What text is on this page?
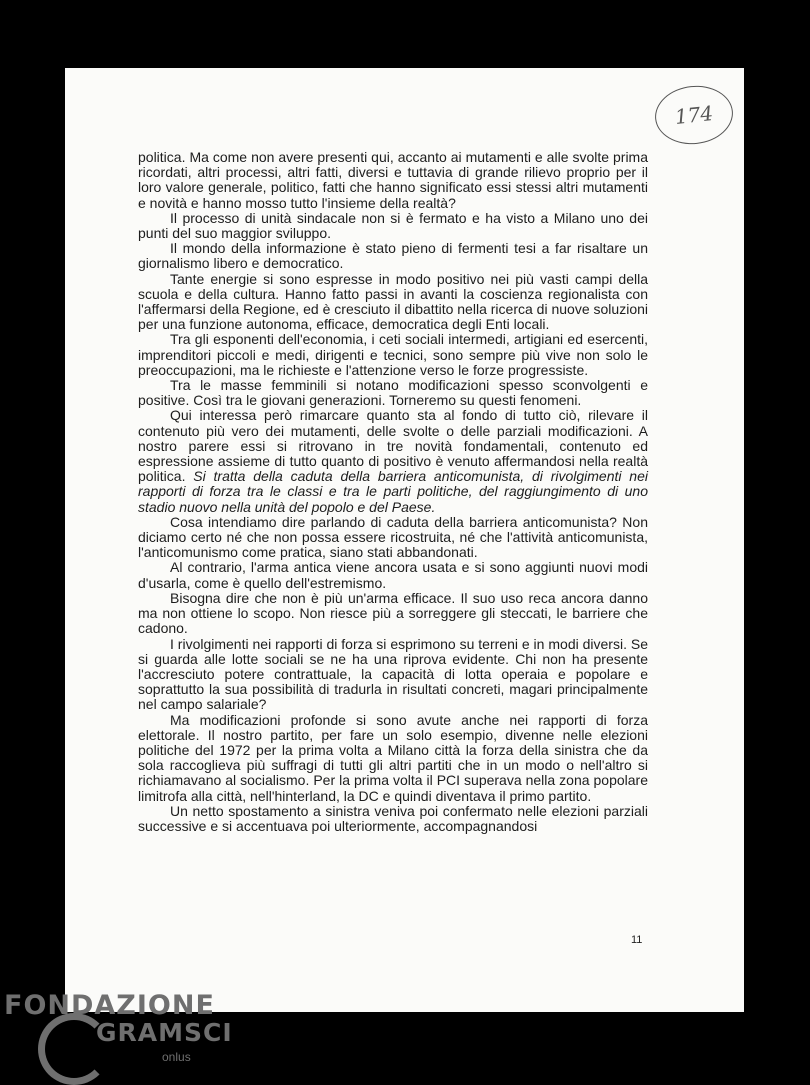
174

politica. Ma come non avere presenti qui, accanto ai mutamenti e alle svolte prima ricordati, altri processi, altri fatti, diversi e tuttavia di grande rilievo proprio per il loro valore generale, politico, fatti che hanno significato essi stessi altri mutamenti e novità e hanno mosso tutto l'insieme della realtà?

Il processo di unità sindacale non si è fermato e ha visto a Milano uno dei punti del suo maggior sviluppo.

Il mondo della informazione è stato pieno di fermenti tesi a far risaltare un giornalismo libero e democratico.

Tante energie si sono espresse in modo positivo nei più vasti campi della scuola e della cultura. Hanno fatto passi in avanti la coscienza regionalista con l'affermarsi della Regione, ed è cresciuto il dibattito nella ricerca di nuove soluzioni per una funzione autonoma, efficace, democratica degli Enti locali.

Tra gli esponenti dell'economia, i ceti sociali intermedi, artigiani ed esercenti, imprenditori piccoli e medi, dirigenti e tecnici, sono sempre più vive non solo le preoccupazioni, ma le richieste e l'attenzione verso le forze progressiste.

Tra le masse femminili si notano modificazioni spesso sconvolgenti e positive. Così tra le giovani generazioni. Torneremo su questi fenomeni.

Qui interessa però rimarcare quanto sta al fondo di tutto ciò, rilevare il contenuto più vero dei mutamenti, delle svolte o delle parziali modificazioni. A nostro parere essi si ritrovano in tre novità fondamentali, contenuto ed espressione assieme di tutto quanto di positivo è venuto affermandosi nella realtà politica. Si tratta della caduta della barriera anticomunista, di rivolgimenti nei rapporti di forza tra le classi e tra le parti politiche, del raggiungimento di uno stadio nuovo nella unità del popolo e del Paese.

Cosa intendiamo dire parlando di caduta della barriera anticomunista? Non diciamo certo né che non possa essere ricostruita, né che l'attività anticomunista, l'anticomunismo come pratica, siano stati abbandonati.

Al contrario, l'arma antica viene ancora usata e si sono aggiunti nuovi modi d'usarla, come è quello dell'estremismo.

Bisogna dire che non è più un'arma efficace. Il suo uso reca ancora danno ma non ottiene lo scopo. Non riesce più a sorreggere gli steccati, le barriere che cadono.

I rivolgimenti nei rapporti di forza si esprimono su terreni e in modi diversi. Se si guarda alle lotte sociali se ne ha una riprova evidente. Chi non ha presente l'accresciuto potere contrattuale, la capacità di lotta operaia e popolare e soprattutto la sua possibilità di tradurla in risultati concreti, magari principalmente nel campo salariale?

Ma modificazioni profonde si sono avute anche nei rapporti di forza elettorale. Il nostro partito, per fare un solo esempio, divenne nelle elezioni politiche del 1972 per la prima volta a Milano città la forza della sinistra che da sola raccoglieva più suffragi di tutti gli altri partiti che in un modo o nell'altro si richiamavano al socialismo. Per la prima volta il PCI superava nella zona popolare limitrofa alla città, nell'hinterland, la DC e quindi diventava il primo partito.

Un netto spostamento a sinistra veniva poi confermato nelle elezioni parziali successive e si accentuava poi ulteriormente, accompagnandosi

11
FONDAZIONE
GRAMSCI
onlus
